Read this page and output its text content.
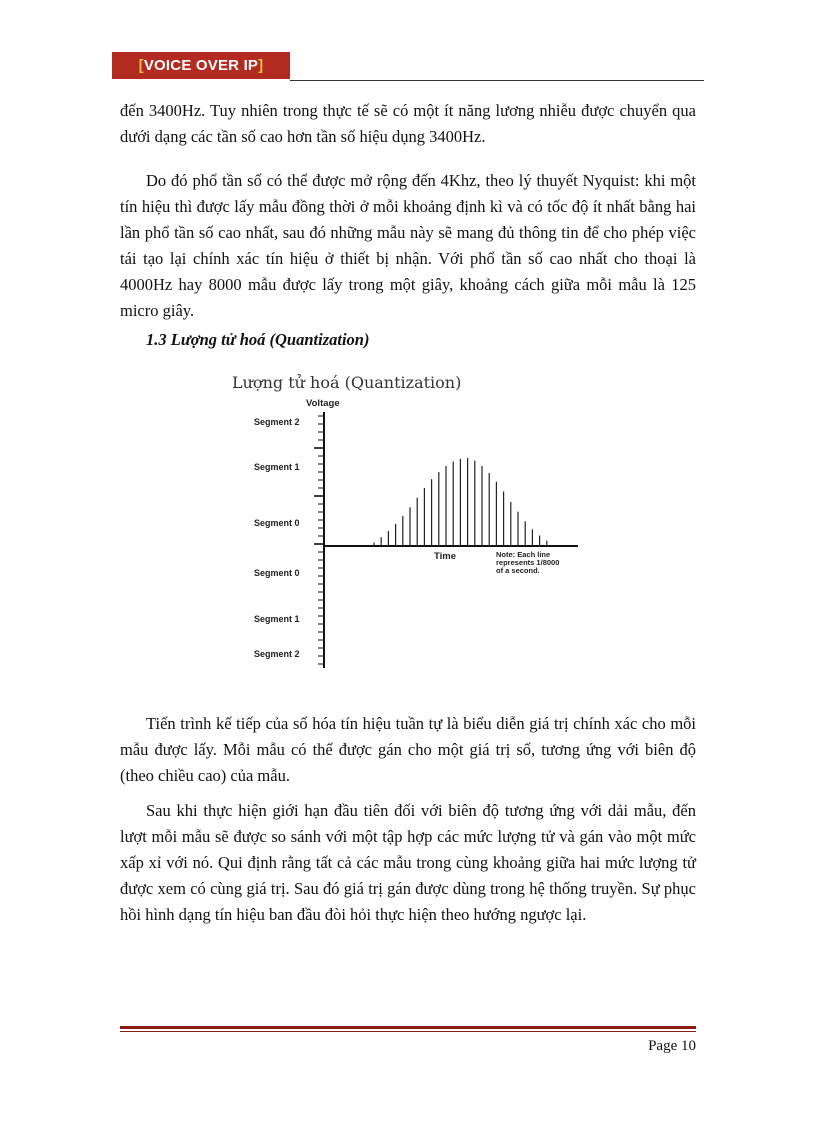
[VOICE OVER IP]

đến 3400Hz. Tuy nhiên trong thực tế sẽ có một ít năng lương nhiễu được chuyển qua dưới dạng các tần số cao hơn tần số hiệu dụng 3400Hz.

Do đó phổ tần số có thể được mở rộng đến 4Khz, theo lý thuyết Nyquist: khi một tín hiệu thì được lấy mẫu đồng thời ở mỗi khoảng định kì và có tốc độ ít nhất bằng hai lần phổ tần số cao nhất, sau đó những mẫu này sẽ mang đủ thông tin để cho phép việc tái tạo lại chính xác tín hiệu ở thiết bị nhận. Với phổ tần số cao nhất cho thoại là 4000Hz hay 8000 mẫu được lấy trong một giây, khoảng cách giữa mỗi mẫu là 125 micro giây.

1.3 Lượng tử hoá (Quantization)

Lượng tử hoá (Quantization)
Voltage
Segment 2
Segment 1
Segment 0
Segment 0
Segment 1
Segment 2
Time	Note: Each line
represents 1/8000
of a second.

Tiến trình kế tiếp của số hóa tín hiệu tuần tự là biểu diễn giá trị chính xác cho mỗi mẫu được lấy. Mỗi mẫu có thể được gán cho một giá trị số, tương ứng với biên độ (theo chiều cao) của mẫu.

Sau khi thực hiện giới hạn đầu tiên đối với biên độ tương ứng với dải mẫu, đến lượt mỗi mẫu sẽ được so sánh với một tập hợp các mức lượng tử và gán vào một mức xấp xỉ với nó. Qui định rằng tất cả các mẫu trong cùng khoảng giữa hai mức lượng tử được xem có cùng giá trị. Sau đó giá trị gán được dùng trong hệ thống truyền. Sự phục hồi hình dạng tín hiệu ban đầu đòi hỏi thực hiện theo hướng ngược lại.

Page 10
